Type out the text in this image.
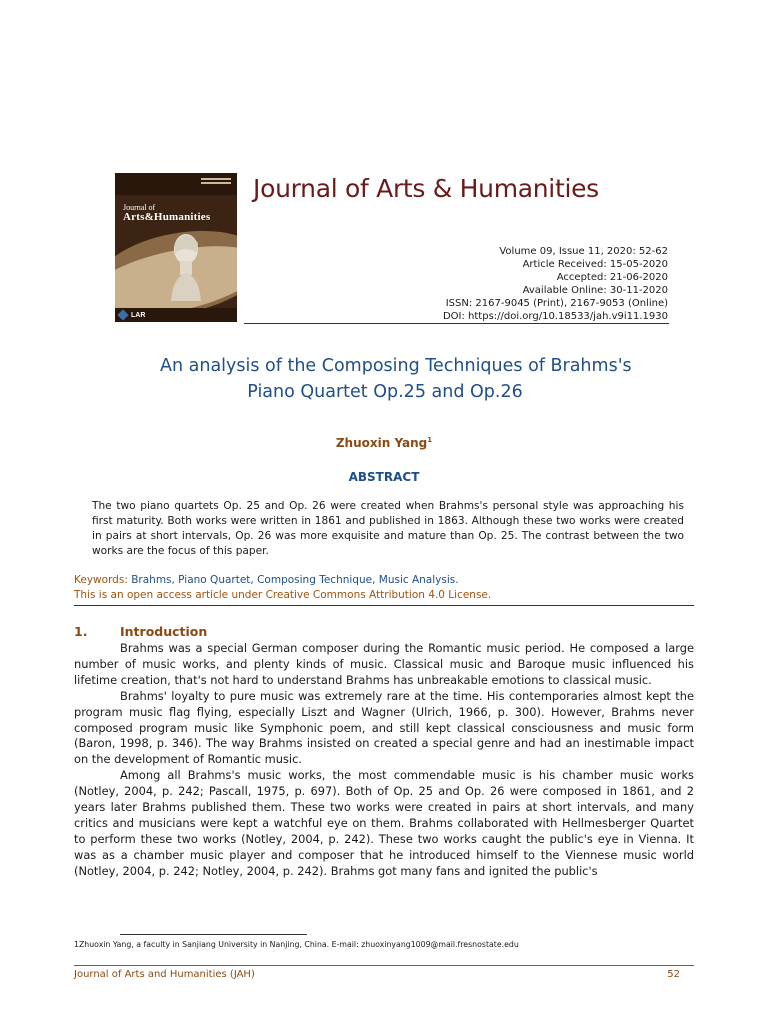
Journal of
Arts&Humanities
LAR
Journal of Arts & Humanities
Volume 09, Issue 11, 2020: 52-62
Article Received: 15-05-2020
Accepted: 21-06-2020
Available Online: 30-11-2020
ISSN: 2167-9045 (Print), 2167-9053 (Online)
DOI: https://doi.org/10.18533/jah.v9i11.1930
An analysis of the Composing Techniques of Brahms's
Piano Quartet Op.25 and Op.26
Zhuoxin Yang$^1$
ABSTRACT
The two piano quartets Op. 25 and Op. 26 were created when Brahms's personal style was approaching his first maturity. Both works were written in 1861 and published in 1863. Although these two works were created in pairs at short intervals, Op. 26 was more exquisite and mature than Op. 25. The contrast between the two works are the focus of this paper.
Keywords: Brahms, Piano Quartet, Composing Technique, Music Analysis.
This is an open access article under Creative Commons Attribution 4.0 License.
1.	Introduction

Brahms was a special German composer during the Romantic music period. He composed a large number of music works, and plenty kinds of music. Classical music and Baroque music influenced his lifetime creation, that's not hard to understand Brahms has unbreakable emotions to classical music.

Brahms' loyalty to pure music was extremely rare at the time. His contemporaries almost kept the program music flag flying, especially Liszt and Wagner (Ulrich, 1966, p. 300). However, Brahms never composed program music like Symphonic poem, and still kept classical consciousness and music form (Baron, 1998, p. 346). The way Brahms insisted on created a special genre and had an inestimable impact on the development of Romantic music.

Among all Brahms's music works, the most commendable music is his chamber music works (Notley, 2004, p. 242; Pascall, 1975, p. 697). Both of Op. 25 and Op. 26 were composed in 1861, and 2 years later Brahms published them. These two works were created in pairs at short intervals, and many critics and musicians were kept a watchful eye on them. Brahms collaborated with Hellmesberger Quartet to perform these two works (Notley, 2004, p. 242). These two works caught the public's eye in Vienna. It was as a chamber music player and composer that he introduced himself to the Viennese music world (Notley, 2004, p. 242; Notley, 2004, p. 242). Brahms got many fans and ignited the public's

1Zhuoxin Yang, a faculty in Sanjiang University in Nanjing, China. E-mail: zhuoxinyang1009@mail.fresnostate.edu
Journal of Arts and Humanities (JAH)	52
